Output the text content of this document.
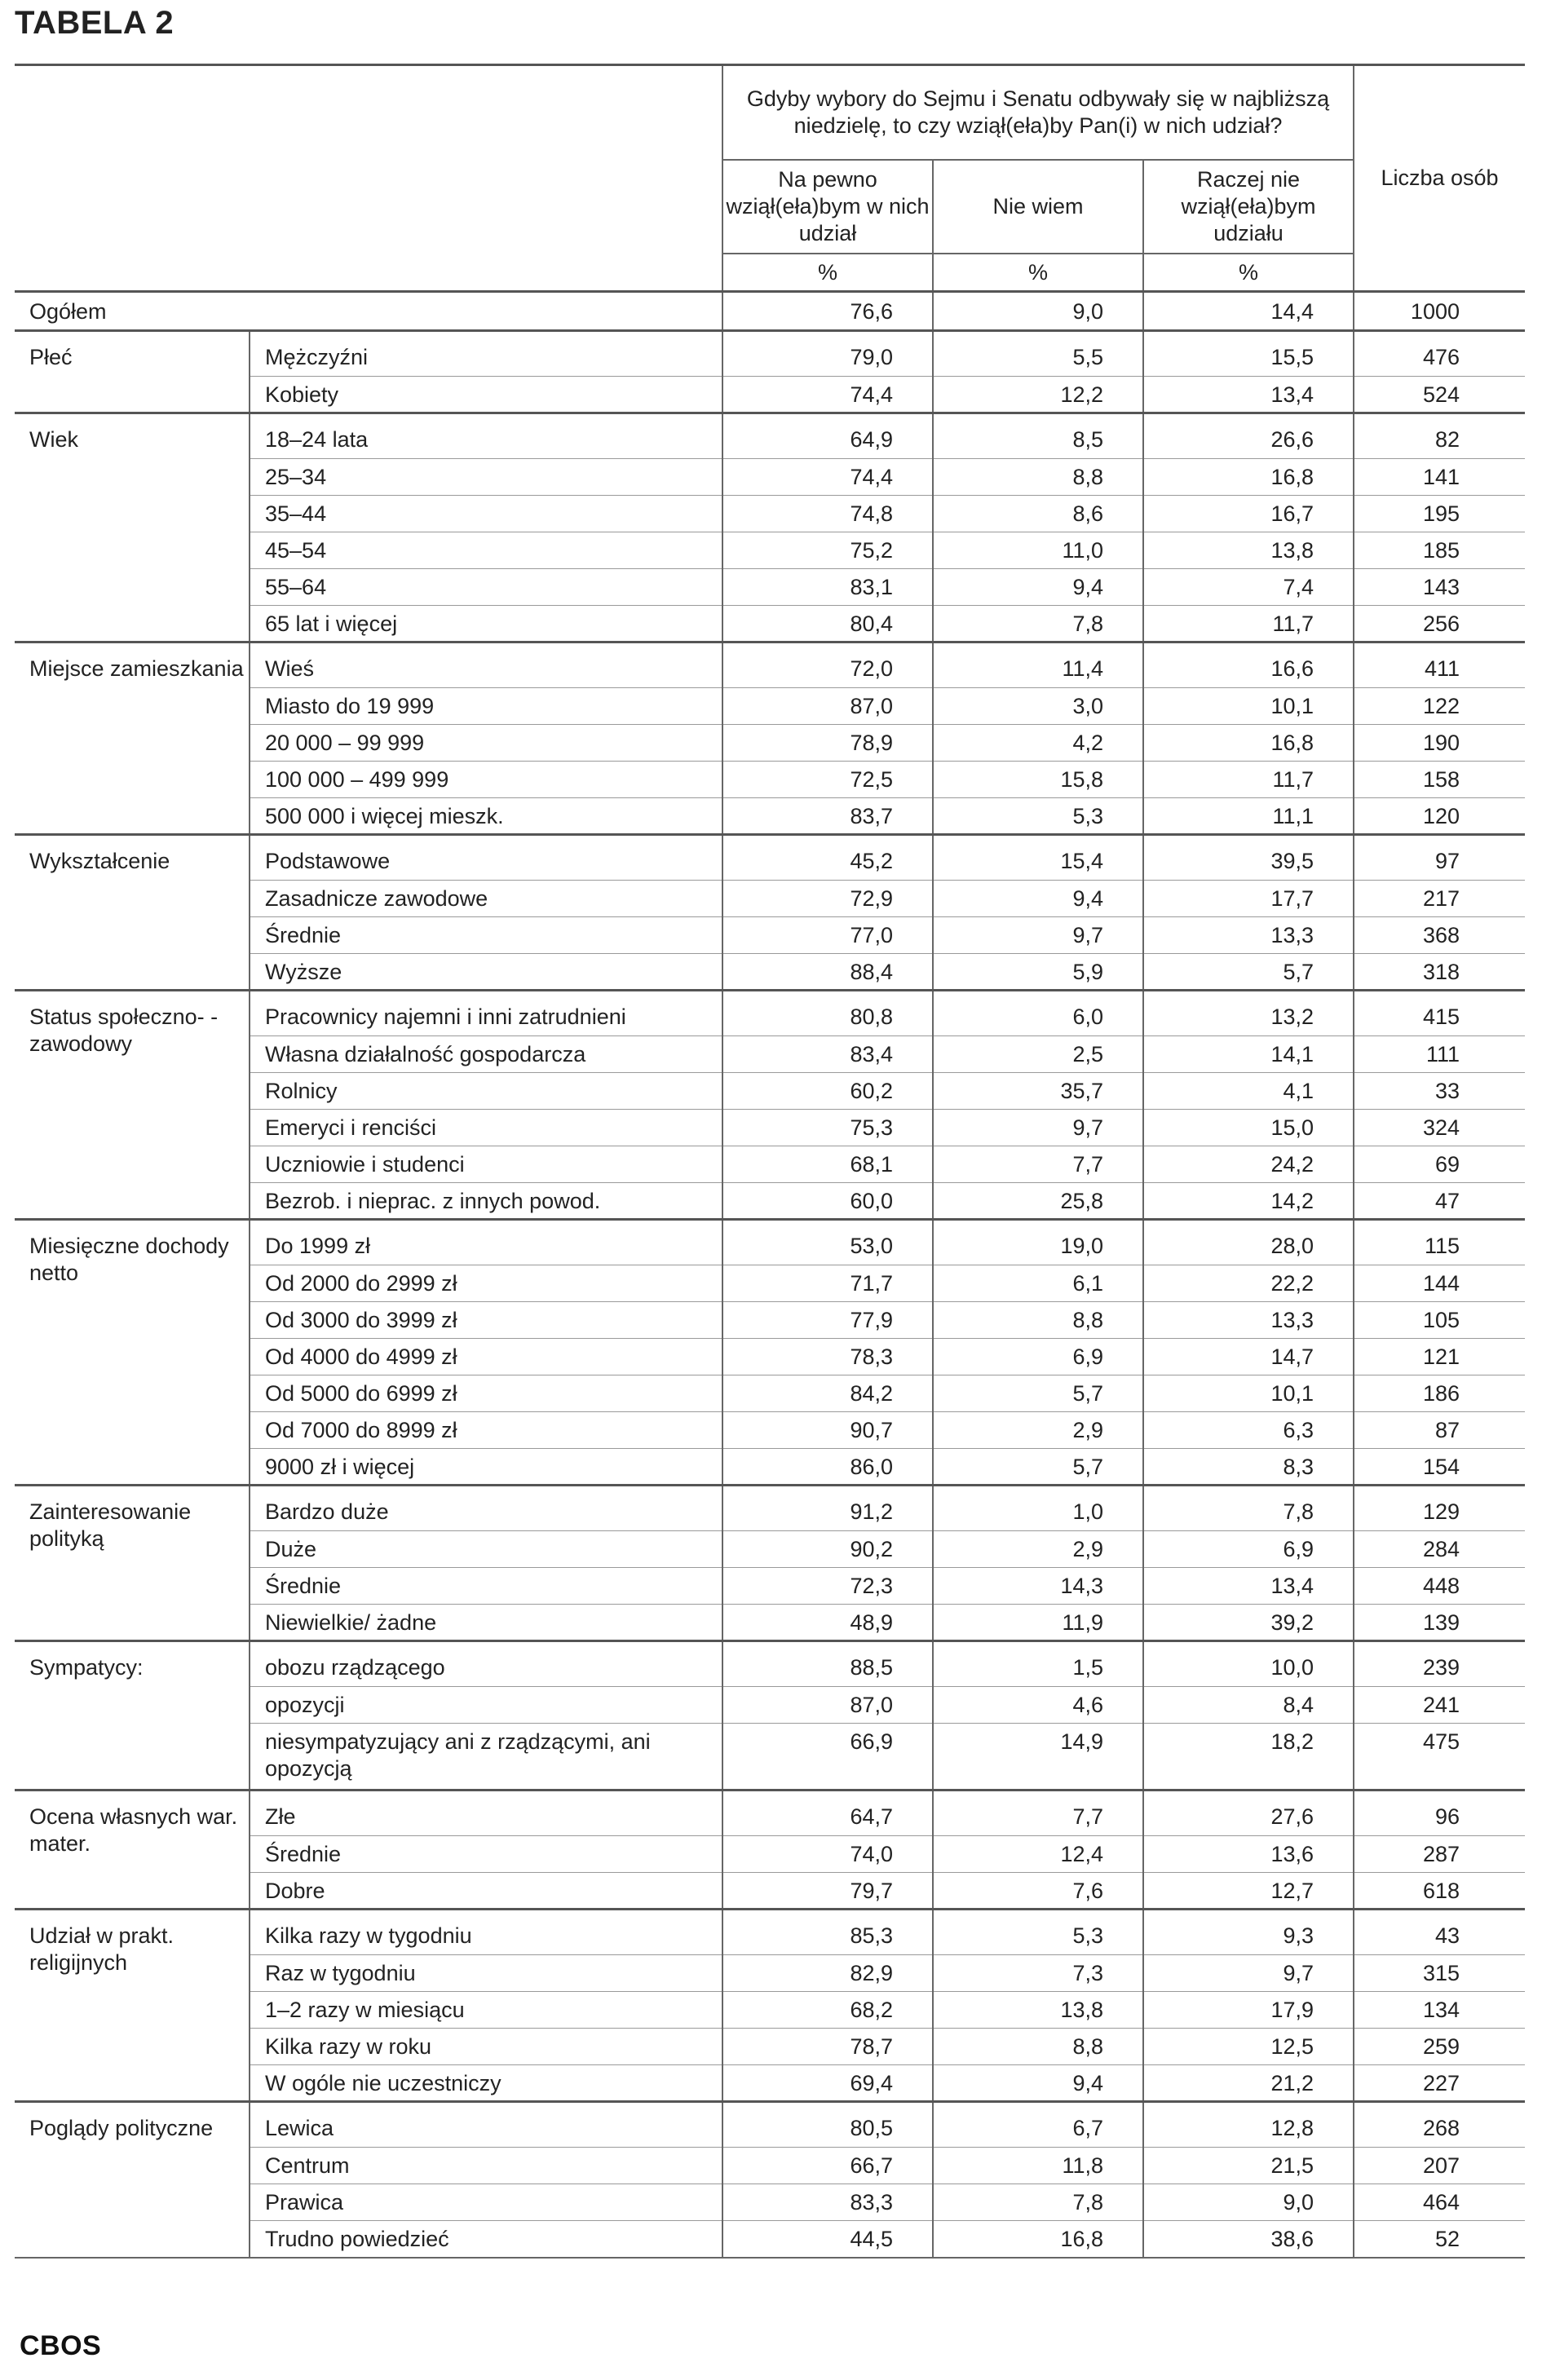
TABELA 2
		Gdyby wybory do Sejmu i Senatu odbywały się w najbliższą niedzielę, to czy wziął(eła)by Pan(i) w nich udział?			Liczba osób
		Na pewno wziął(eła)bym w nich udział	Nie wiem	Raczej nie wziął(eła)bym udziału	
		%	%	%	
Ogółem		76,6	9,0	14,4	1000
Płeć	Mężczyźni	79,0	5,5	15,5	476
	Kobiety	74,4	12,2	13,4	524
Wiek	18–24 lata	64,9	8,5	26,6	82
	25–34	74,4	8,8	16,8	141
	35–44	74,8	8,6	16,7	195
	45–54	75,2	11,0	13,8	185
	55–64	83,1	9,4	7,4	143
	65 lat i więcej	80,4	7,8	11,7	256
Miejsce zamieszkania	Wieś	72,0	11,4	16,6	411
	Miasto do 19 999	87,0	3,0	10,1	122
	20 000 – 99 999	78,9	4,2	16,8	190
	100 000 – 499 999	72,5	15,8	11,7	158
	500 000 i więcej mieszk.	83,7	5,3	11,1	120
Wykształcenie	Podstawowe	45,2	15,4	39,5	97
	Zasadnicze zawodowe	72,9	9,4	17,7	217
	Średnie	77,0	9,7	13,3	368
	Wyższe	88,4	5,9	5,7	318
Status społeczno- -zawodowy	Pracownicy najemni i inni zatrudnieni	80,8	6,0	13,2	415
	Własna działalność gospodarcza	83,4	2,5	14,1	111
	Rolnicy	60,2	35,7	4,1	33
	Emeryci i renciści	75,3	9,7	15,0	324
	Uczniowie i studenci	68,1	7,7	24,2	69
	Bezrob. i nieprac. z innych powod.	60,0	25,8	14,2	47
Miesięczne dochody netto	Do 1999 zł	53,0	19,0	28,0	115
	Od 2000 do 2999 zł	71,7	6,1	22,2	144
	Od 3000 do 3999 zł	77,9	8,8	13,3	105
	Od 4000 do 4999 zł	78,3	6,9	14,7	121
	Od 5000 do 6999 zł	84,2	5,7	10,1	186
	Od 7000 do 8999 zł	90,7	2,9	6,3	87
	9000 zł i więcej	86,0	5,7	8,3	154
Zainteresowanie polityką	Bardzo duże	91,2	1,0	7,8	129
	Duże	90,2	2,9	6,9	284
	Średnie	72,3	14,3	13,4	448
	Niewielkie/ żadne	48,9	11,9	39,2	139
Sympatycy:	obozu rządzącego	88,5	1,5	10,0	239
	opozycji	87,0	4,6	8,4	241
	niesympatyzujący ani z rządzącymi, ani opozycją	66,9	14,9	18,2	475
Ocena własnych war. mater.	Złe	64,7	7,7	27,6	96
	Średnie	74,0	12,4	13,6	287
	Dobre	79,7	7,6	12,7	618
Udział w prakt. religijnych	Kilka razy w tygodniu	85,3	5,3	9,3	43
	Raz w tygodniu	82,9	7,3	9,7	315
	1–2 razy w miesiącu	68,2	13,8	17,9	134
	Kilka razy w roku	78,7	8,8	12,5	259
	W ogóle nie uczestniczy	69,4	9,4	21,2	227
Poglądy polityczne	Lewica	80,5	6,7	12,8	268
	Centrum	66,7	11,8	21,5	207
	Prawica	83,3	7,8	9,0	464
	Trudno powiedzieć	44,5	16,8	38,6	52
CBOS
